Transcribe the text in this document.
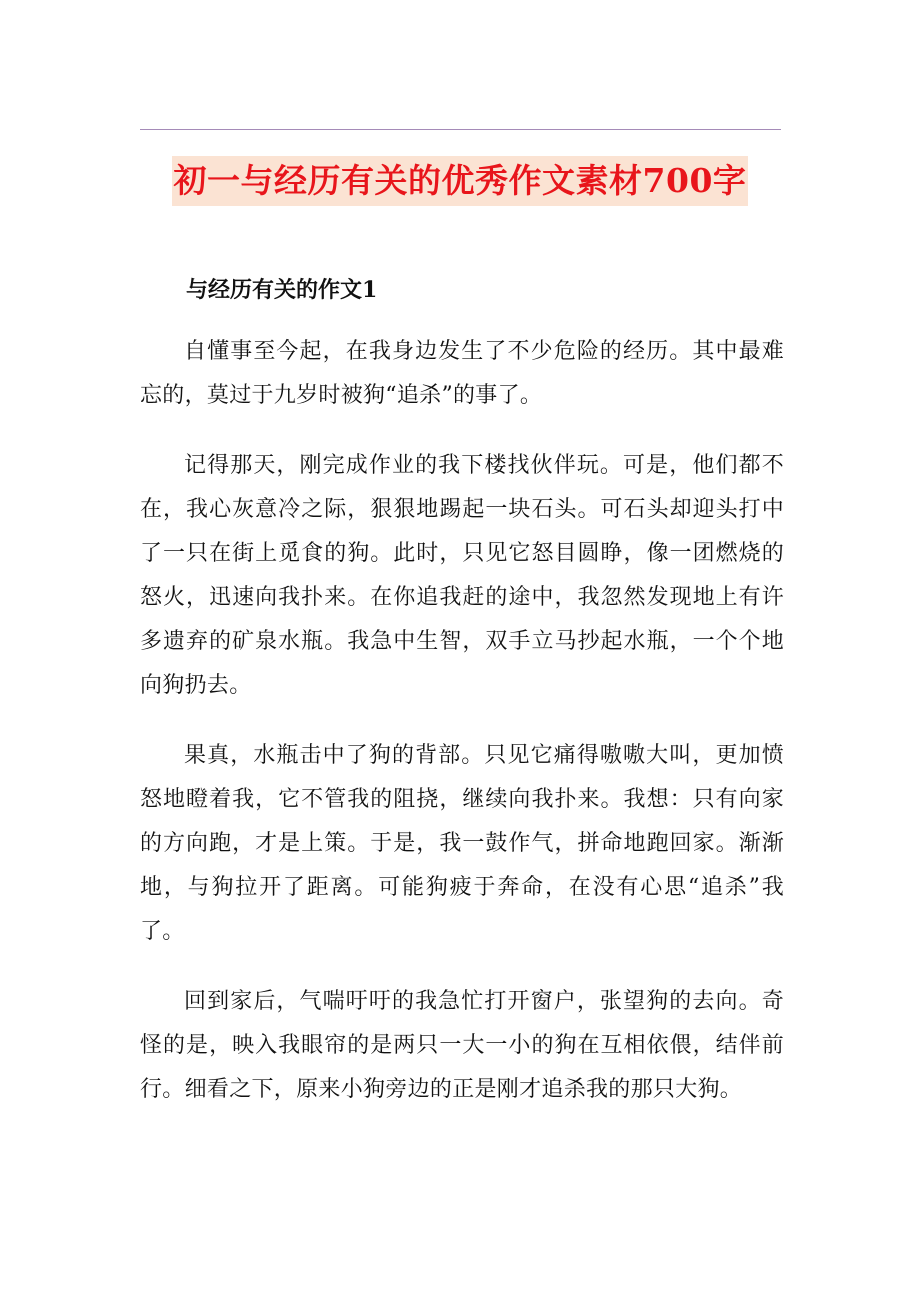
初一与经历有关的优秀作文素材700字

与经历有关的作文1

自懂事至今起，在我身边发生了不少危险的经历。其中最难忘的，莫过于九岁时被狗“追杀”的事了。

记得那天，刚完成作业的我下楼找伙伴玩。可是，他们都不在，我心灰意冷之际，狠狠地踢起一块石头。可石头却迎头打中了一只在街上觅食的狗。此时，只见它怒目圆睁，像一团燃烧的怒火，迅速向我扑来。在你追我赶的途中，我忽然发现地上有许多遗弃的矿泉水瓶。我急中生智，双手立马抄起水瓶，一个个地向狗扔去。

果真，水瓶击中了狗的背部。只见它痛得嗷嗷大叫，更加愤怒地瞪着我，它不管我的阻挠，继续向我扑来。我想：只有向家的方向跑，才是上策。于是，我一鼓作气，拼命地跑回家。渐渐地，与狗拉开了距离。可能狗疲于奔命，在没有心思“追杀”我了。

回到家后，气喘吁吁的我急忙打开窗户，张望狗的去向。奇怪的是，映入我眼帘的是两只一大一小的狗在互相依偎，结伴前行。细看之下，原来小狗旁边的正是刚才追杀我的那只大狗。
